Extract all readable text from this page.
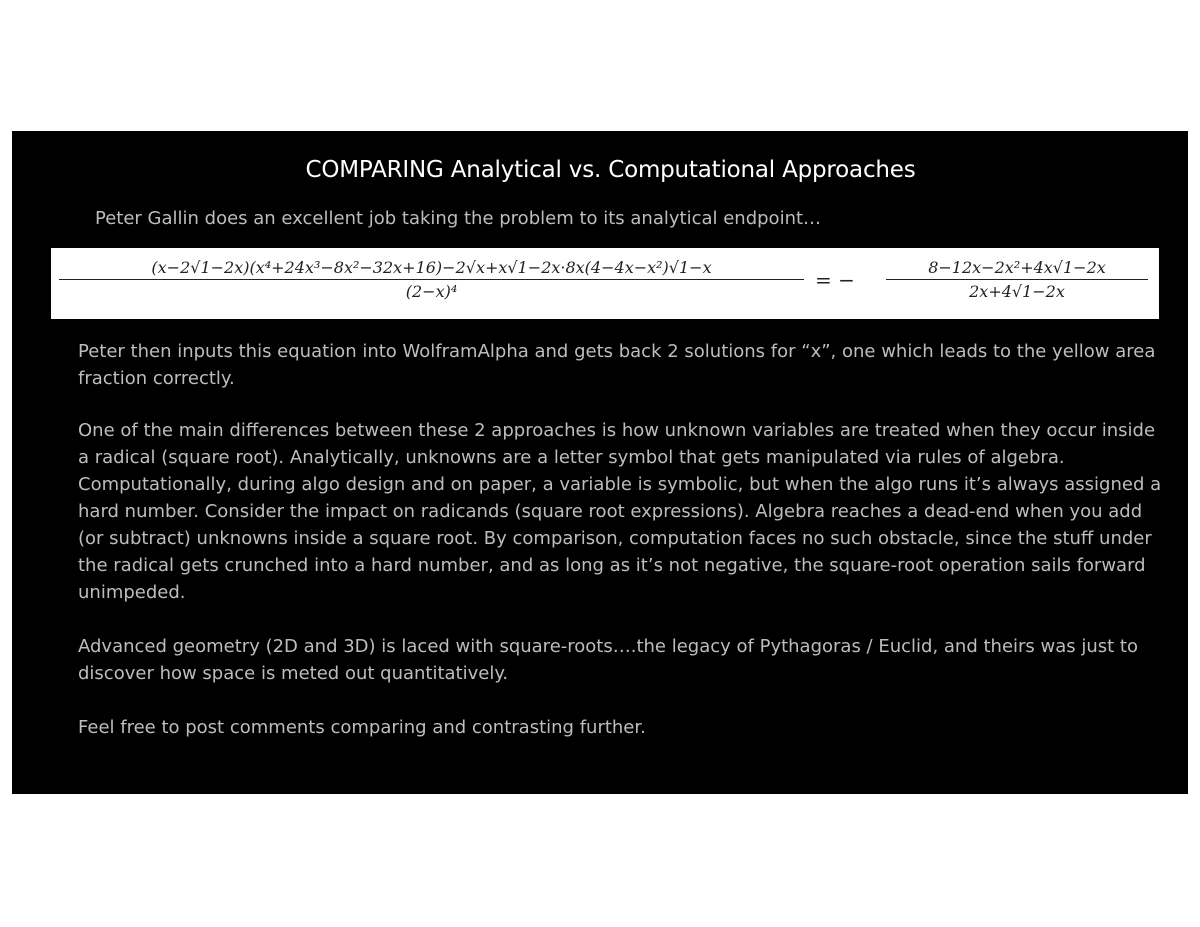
COMPARING Analytical vs. Computational Approaches
Peter Gallin does an excellent job taking the problem to its analytical endpoint…
(x−2√1−2x)(x⁴+24x³−8x²−32x+16)−2√x+x√1−2x·8x(4−4x−x²)√1−x
(2−x)⁴	= −
8−12x−2x²+4x√1−2x
2x+4√1−2x

Peter then inputs this equation into WolframAlpha and gets back 2 solutions for “x”, one which leads to the yellow area fraction correctly.

One of the main differences between these 2 approaches is how unknown variables are treated when they occur inside a radical (square root). Analytically, unknowns are a letter symbol that gets manipulated via rules of algebra. Computationally, during algo design and on paper, a variable is symbolic, but when the algo runs it’s always assigned a hard number. Consider the impact on radicands (square root expressions). Algebra reaches a dead-end when you add (or subtract) unknowns inside a square root. By comparison, computation faces no such obstacle, since the stuff under the radical gets crunched into a hard number, and as long as it’s not negative, the square-root operation sails forward unimpeded.

Advanced geometry (2D and 3D) is laced with square-roots….the legacy of Pythagoras / Euclid, and theirs was just to discover how space is meted out quantitatively.

Feel free to post comments comparing and contrasting further.
